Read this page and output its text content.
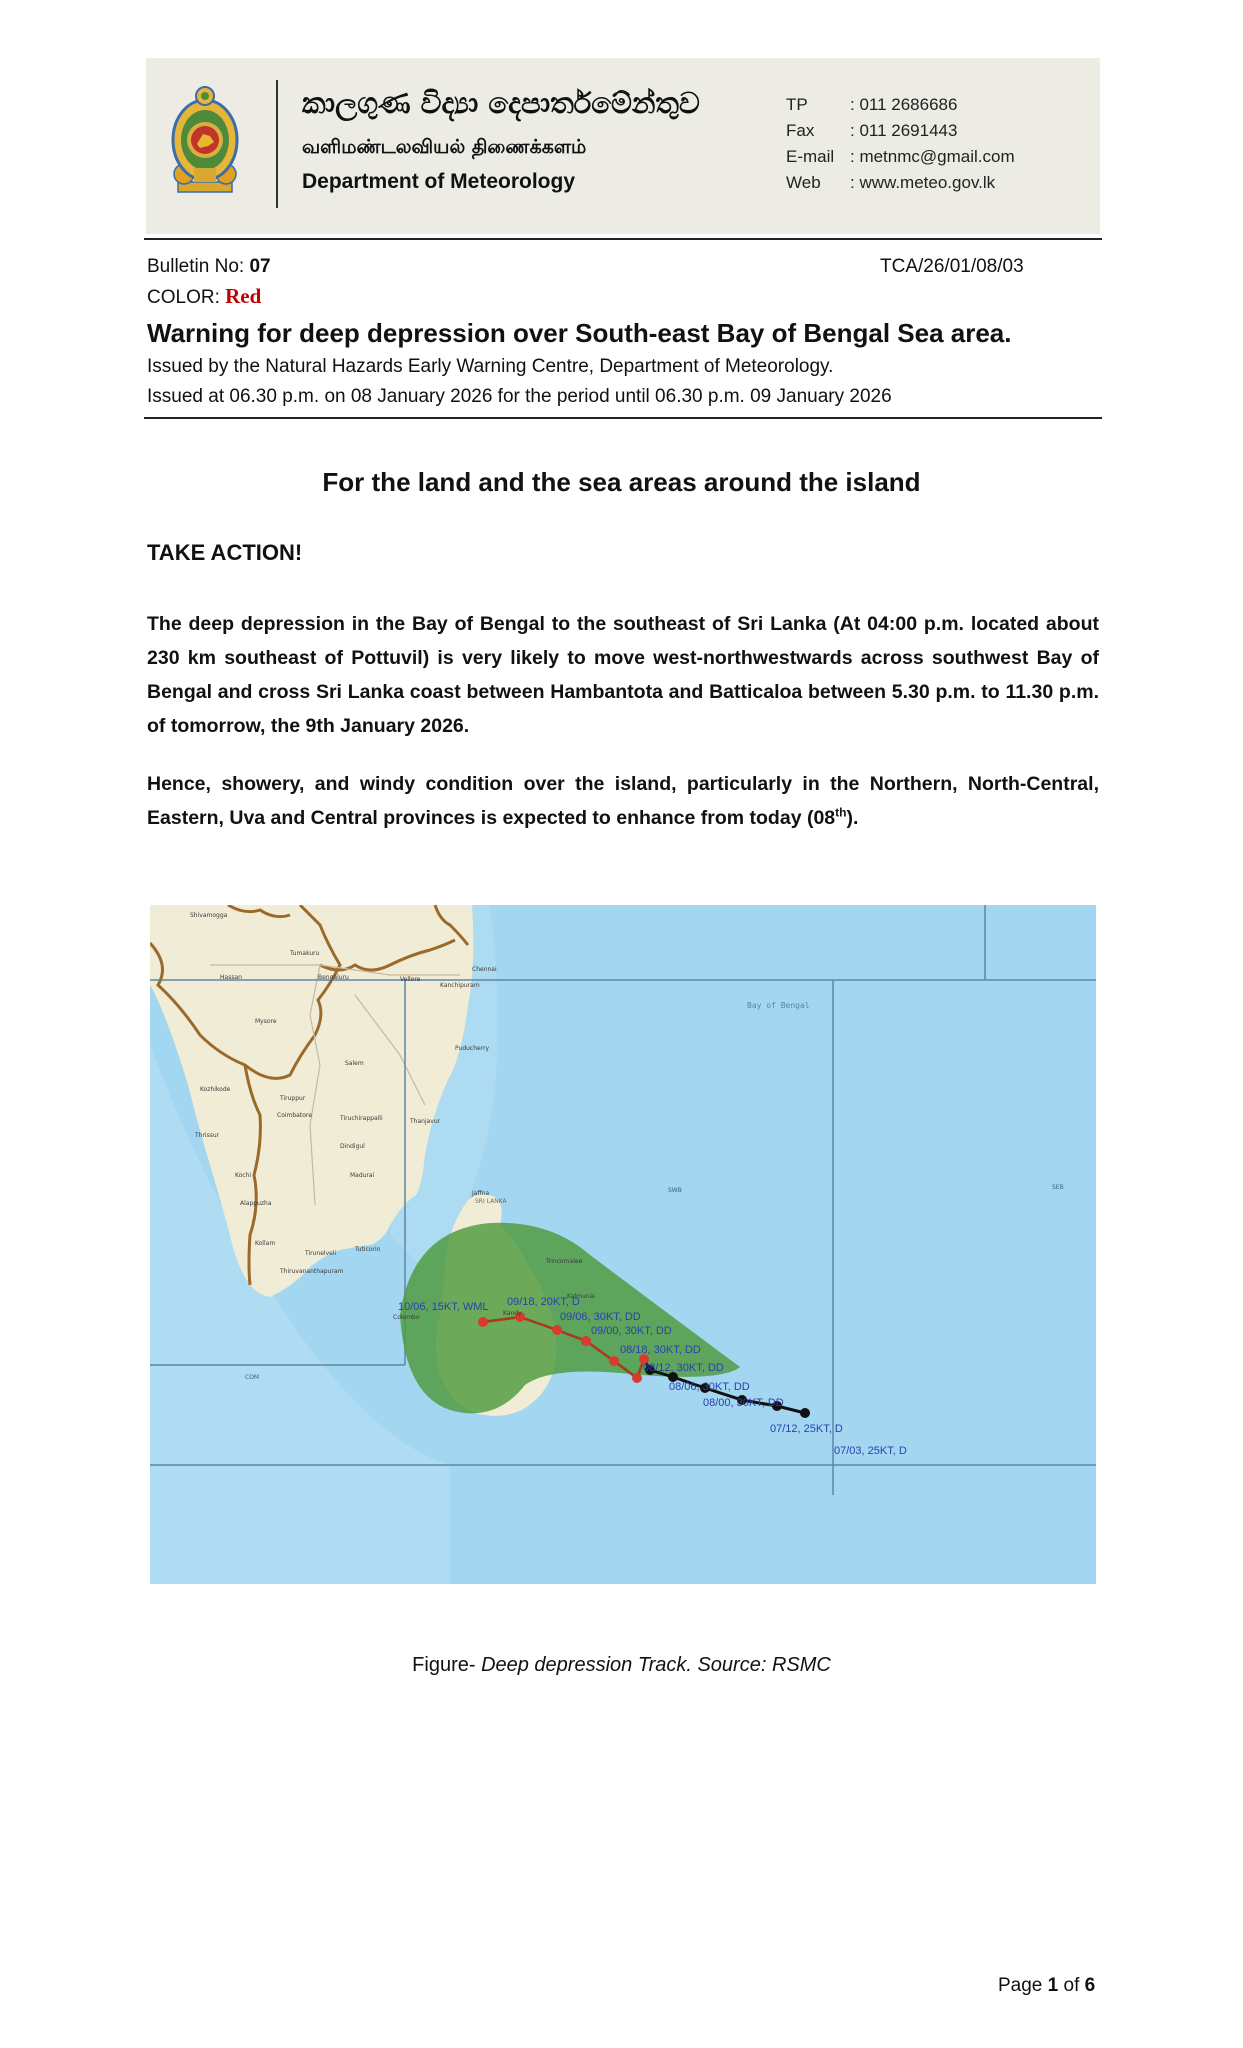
කාලගුණ විද්‍යා දෙපාර්තමේන්තුව
வளிமண்டலவியல் திணைக்களம்
Department of Meteorology
TP	: 011 2686686
Fax	: 011 2691443
E-mail : metnmc@gmail.com
Web	: www.meteo.gov.lk
Bulletin No: 07	TCA/26/01/08/03
COLOR: Red
Warning for deep depression over South-east Bay of Bengal Sea area.
Issued by the Natural Hazards Early Warning Centre, Department of Meteorology.
Issued at 06.30 p.m. on 08 January 2026 for the period until 06.30 p.m. 09 January 2026
For the land and the sea areas around the island
TAKE ACTION!
The deep depression in the Bay of Bengal to the southeast of Sri Lanka (At 04:00 p.m. located about 230 km southeast of Pottuvil) is very likely to move west-northwestwards across southwest Bay of Bengal and cross Sri Lanka coast between Hambantota and Batticaloa between 5.30 p.m. to 11.30 p.m. of tomorrow, the 9th January 2026.
Hence, showery, and windy condition over the island, particularly in the Northern, North-Central, Eastern, Uva and Central provinces is expected to enhance from today (08th).
Bay of Bengal
SWB	SEB
COM
SRI LANKA
Shivamogga
Tumakuru
Bengaluru
Chennai
Hassan
Mysore
Vellore
Kanchipuram
Puducherry
Salem
Kozhikode
Tiruppur
Coimbatore	Tiruchirappalli	Thanjavur
Thrissur
Dindigul
Kochi	Madurai
Alappuzha
Kollam
Tirunelveli
Tuticorin
Thiruvananthapuram
Jaffna
Trincomalee
Kandy
Colombo
Kalmunai
10/06, 15KT, WML 09/18, 20KT, D
09/06, 30KT, DD
09/00, 30KT, DD
08/18, 30KT, DD
08/12, 30KT, DD
08/06, 30KT, DD
08/00, 30KT, DD
07/12, 25KT, D
07/03, 25KT, D
Figure- Deep depression Track. Source: RSMC
Page 1 of 6
